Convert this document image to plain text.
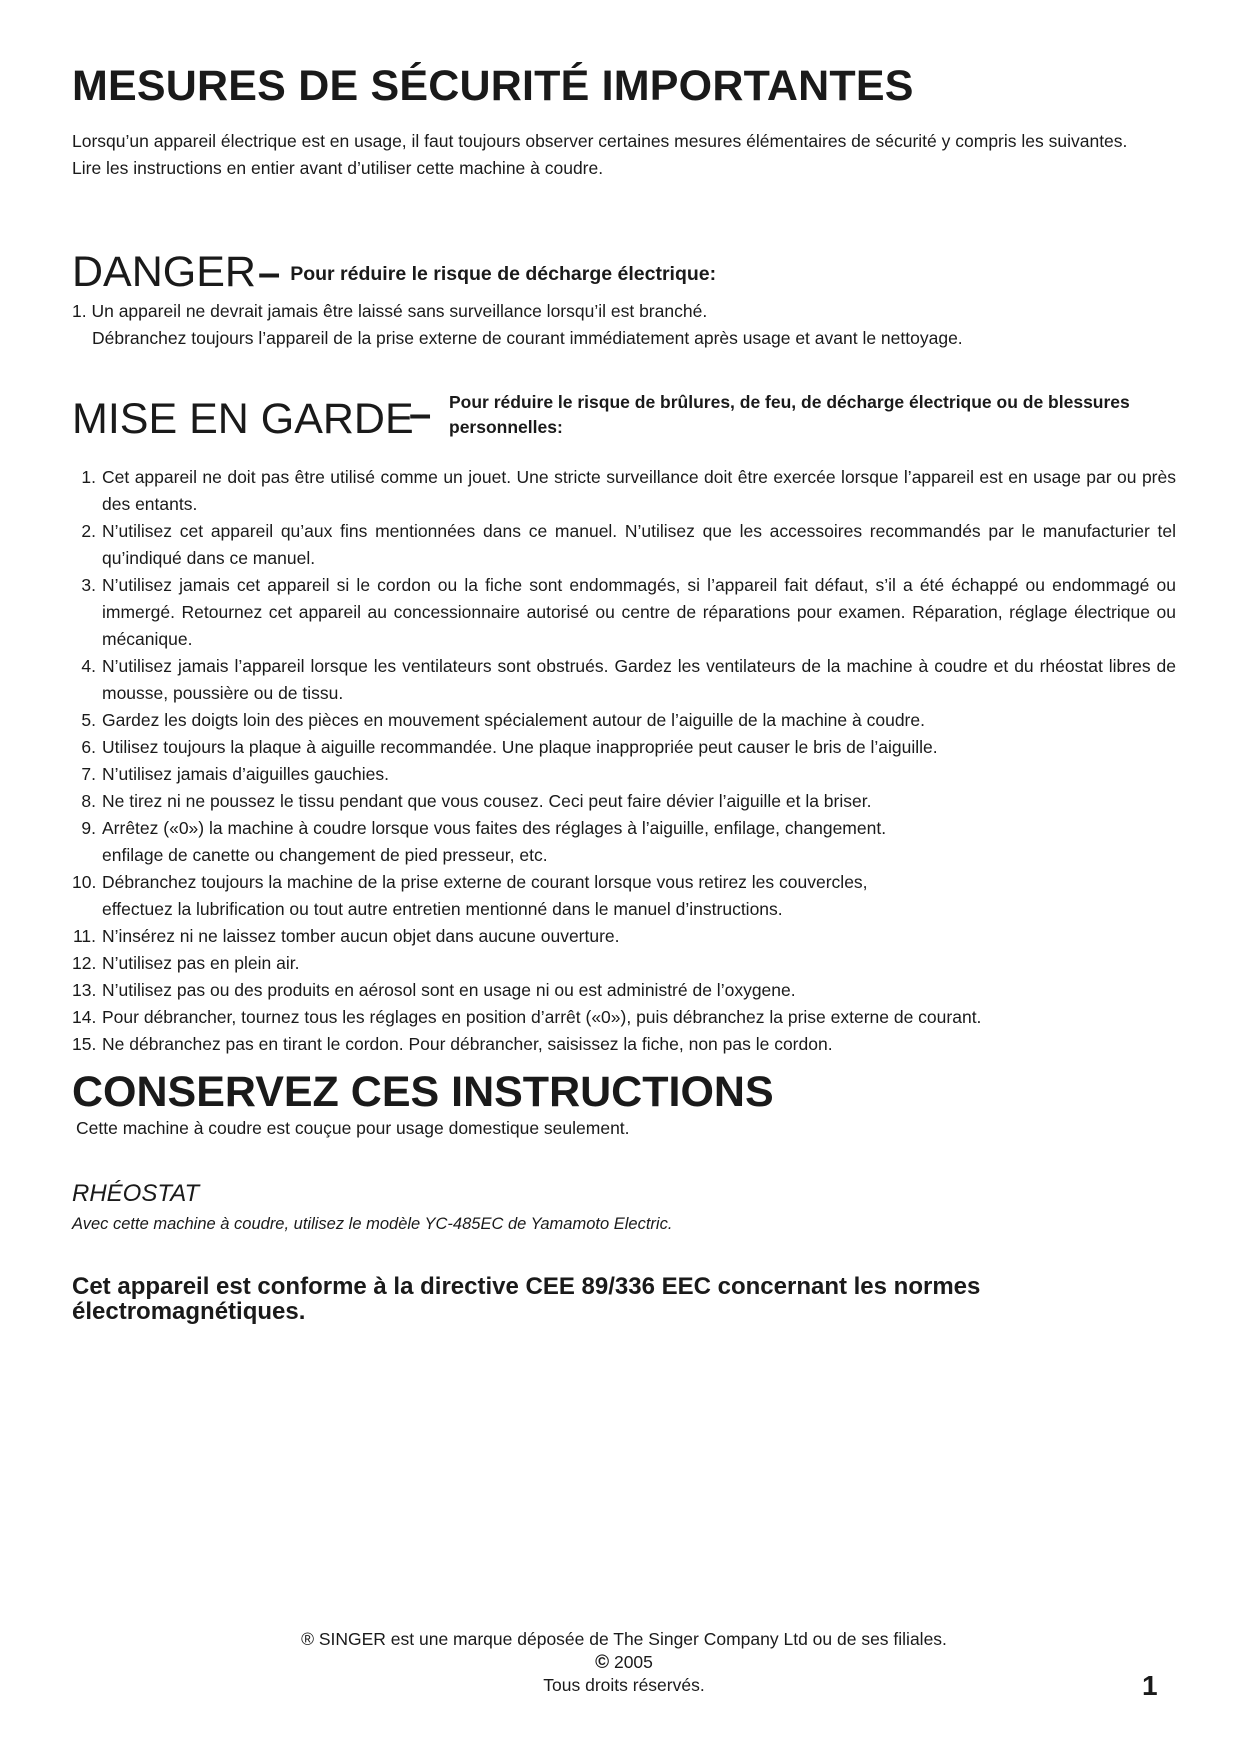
MESURES DE SÉCURITÉ IMPORTANTES

Lorsqu’un appareil électrique est en usage, il faut toujours observer certaines mesures élémentaires de sécurité y compris les suivantes.

Lire les instructions en entier avant d’utiliser cette machine à coudre.

DANGER – Pour réduire le risque de décharge électrique:

1. Un appareil ne devrait jamais être laissé sans surveillance lorsqu’il est branché.

Débranchez toujours l’appareil de la prise externe de courant immédiatement après usage et avant le nettoyage.

MISE EN GARDE
– Pour réduire le risque de brûlures, de feu, de décharge électrique ou de blessures personnelles:
1. Cet appareil ne doit pas être utilisé comme un jouet. Une stricte surveillance doit être exercée lorsque l’appareil est en usage par ou près des entants.
2. N’utilisez cet appareil qu’aux fins mentionnées dans ce manuel. N’utilisez que les accessoires recommandés par le manufacturier tel qu’indiqué dans ce manuel.
3. N’utilisez jamais cet appareil si le cordon ou la fiche sont endommagés, si l’appareil fait défaut, s’il a été échappé ou endommagé ou immergé. Retournez cet appareil au concessionnaire autorisé ou centre de réparations pour examen. Réparation, réglage électrique ou mécanique.
4. N’utilisez jamais l’appareil lorsque les ventilateurs sont obstrués. Gardez les ventilateurs de la machine à coudre et du rhéostat libres de mousse, poussière ou de tissu.
5. Gardez les doigts loin des pièces en mouvement spécialement autour de l’aiguille de la machine à coudre.
6. Utilisez toujours la plaque à aiguille recommandée. Une plaque inappropriée peut causer le bris de l’aiguille.
7. N’utilisez jamais d’aiguilles gauchies.
8. Ne tirez ni ne poussez le tissu pendant que vous cousez. Ceci peut faire dévier l’aiguille et la briser.
9. Arrêtez («0») la machine à coudre lorsque vous faites des réglages à l’aiguille, enfilage, changement.
enfilage de canette ou changement de pied presseur, etc.
10. Débranchez toujours la machine de la prise externe de courant lorsque vous retirez les couvercles,
effectuez la lubrification ou tout autre entretien mentionné dans le manuel d’instructions.
11. N’insérez ni ne laissez tomber aucun objet dans aucune ouverture.
12. N’utilisez pas en plein air.
13. N’utilisez pas ou des produits en aérosol sont en usage ni ou est administré de l’oxygene.
14. Pour débrancher, tournez tous les réglages en position d’arrêt («0»), puis débranchez la prise externe de courant.
15. Ne débranchez pas en tirant le cordon. Pour débrancher, saisissez la fiche, non pas le cordon.
CONSERVEZ CES INSTRUCTIONS
Cette machine à coudre est couçue pour usage domestique seulement.
RHÉOSTAT
Avec cette machine à coudre, utilisez le modèle YC-485EC de Yamamoto Electric.

Cet appareil est conforme à la directive CEE 89/336 EEC concernant les normes électromagnétiques.

® SINGER est une marque déposée de The Singer Company Ltd ou de ses filiales.

© 2005

Tous droits réservés.	1
